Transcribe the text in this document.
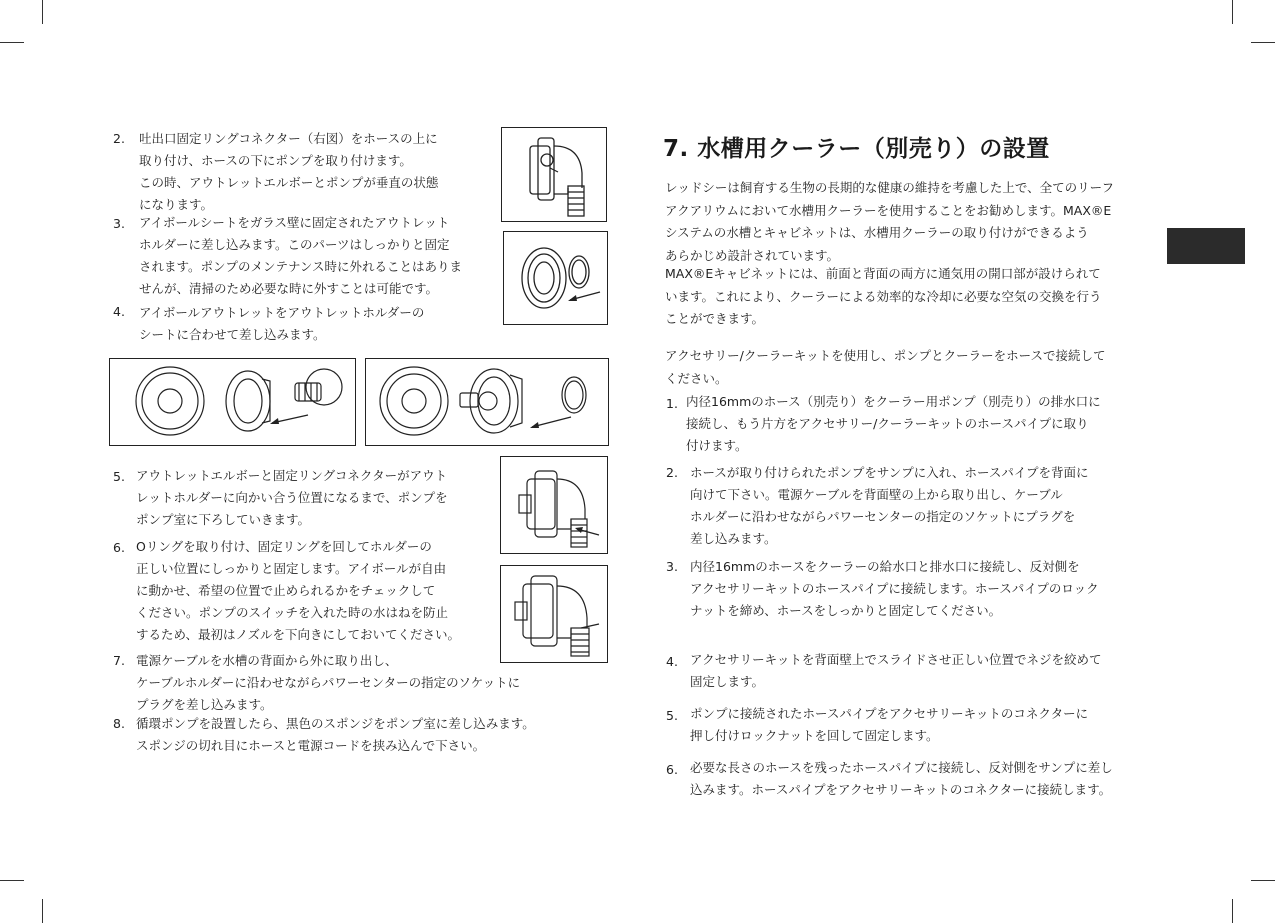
2. 吐出口固定リングコネクター（右図）をホースの上に
取り付け、ホースの下にポンプを取り付けます。
この時、アウトレットエルボーとポンプが垂直の状態
になります。
3. アイボールシートをガラス壁に固定されたアウトレット
ホルダーに差し込みます。このパーツはしっかりと固定
されます。ポンプのメンテナンス時に外れることはありま
せんが、清掃のため必要な時に外すことは可能です。
4. アイボールアウトレットをアウトレットホルダーの
シートに合わせて差し込みます。
5. アウトレットエルボーと固定リングコネクターがアウト
レットホルダーに向かい合う位置になるまで、ポンプを
ポンプ室に下ろしていきます。
6. Oリングを取り付け、固定リングを回してホルダーの
正しい位置にしっかりと固定します。アイボールが自由
に動かせ、希望の位置で止められるかをチェックして
ください。ポンプのスイッチを入れた時の水はねを防止
するため、最初はノズルを下向きにしておいてください。
7. 電源ケーブルを水槽の背面から外に取り出し、
ケーブルホルダーに沿わせながらパワーセンターの指定のソケットに
プラグを差し込みます。
8. 循環ポンプを設置したら、黒色のスポンジをポンプ室に差し込みます。
スポンジの切れ目にホースと電源コードを挟み込んで下さい。
7. 水槽用クーラー（別売り）の設置
レッドシーは飼育する生物の長期的な健康の維持を考慮した上で、全てのリーフ
アクアリウムにおいて水槽用クーラーを使用することをお勧めします。MAX®E
システムの水槽とキャビネットは、水槽用クーラーの取り付けができるよう
あらかじめ設計されています。
MAX®Eキャビネットには、前面と背面の両方に通気用の開口部が設けられて
います。これにより、クーラーによる効率的な冷却に必要な空気の交換を行う
ことができます。
アクセサリー/クーラーキットを使用し、ポンプとクーラーをホースで接続して
ください。
1. 内径16mmのホース（別売り）をクーラー用ポンプ（別売り）の排水口に
接続し、もう片方をアクセサリー/クーラーキットのホースパイプに取り
付けます。
2. ホースが取り付けられたポンプをサンプに入れ、ホースパイプを背面に
向けて下さい。電源ケーブルを背面壁の上から取り出し、ケーブル
ホルダーに沿わせながらパワーセンターの指定のソケットにプラグを
差し込みます。
3. 内径16mmのホースをクーラーの給水口と排水口に接続し、反対側を
アクセサリーキットのホースパイプに接続します。ホースパイプのロック
ナットを締め、ホースをしっかりと固定してください。
4. アクセサリーキットを背面壁上でスライドさせ正しい位置でネジを絞めて
固定します。
5. ポンプに接続されたホースパイプをアクセサリーキットのコネクターに
押し付けロックナットを回して固定します。
6. 必要な長さのホースを残ったホースパイプに接続し、反対側をサンプに差し
込みます。ホースパイプをアクセサリーキットのコネクターに接続します。
